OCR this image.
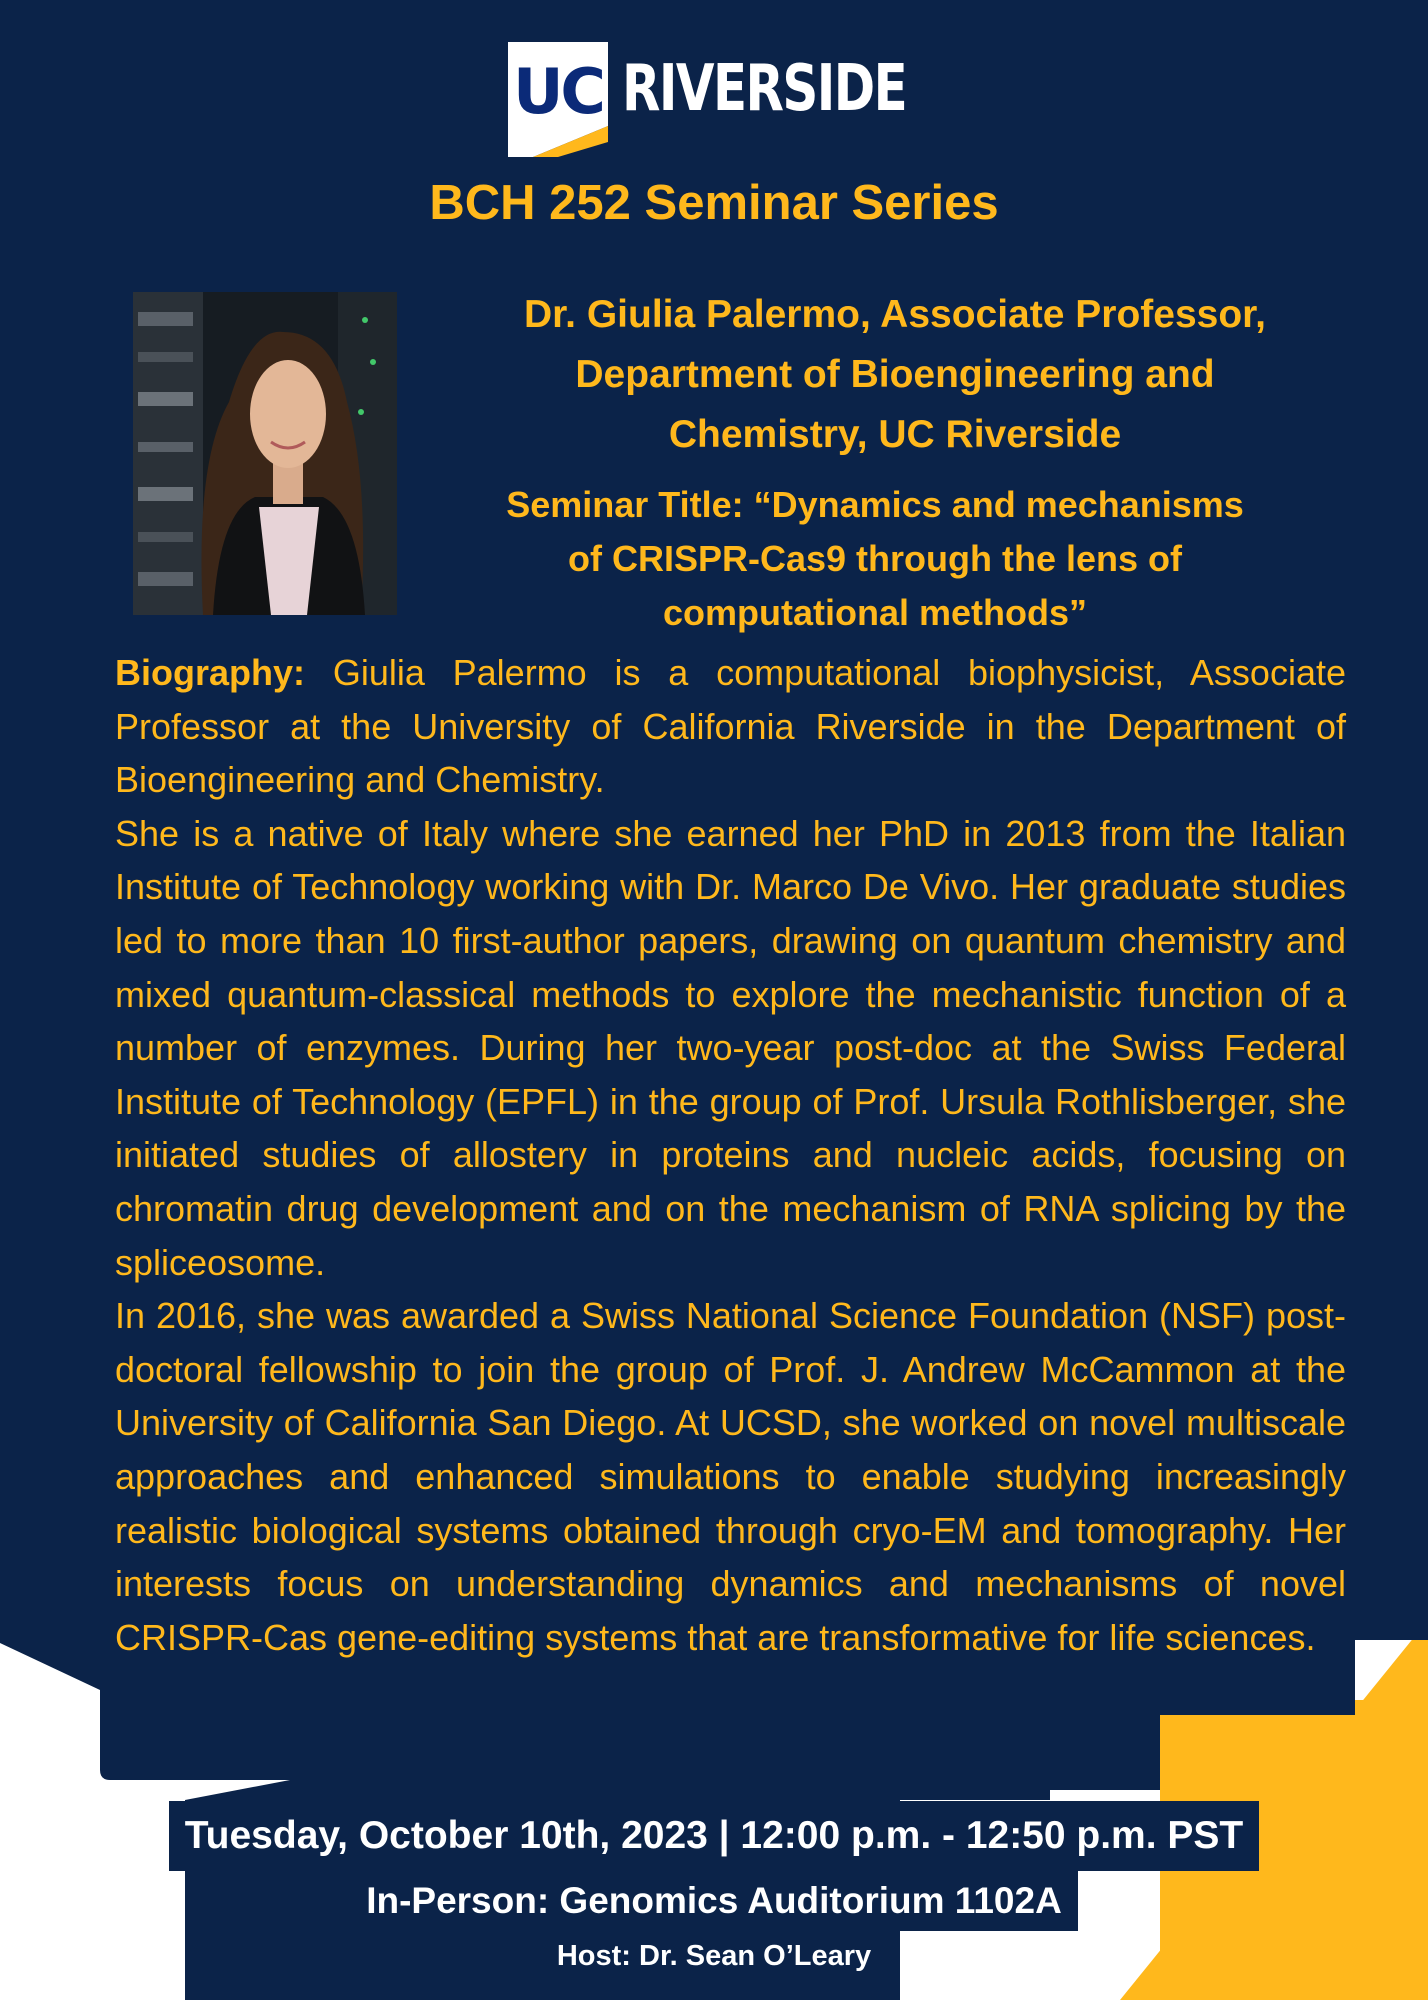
UC RIVERSIDE
BCH 252 Seminar Series
Dr. Giulia Palermo, Associate Professor,
Department of Bioengineering and
Chemistry, UC Riverside
Seminar Title: “Dynamics and mechanisms
of CRISPR-Cas9 through the lens of
computational methods”

Biography: Giulia Palermo is a computational biophysicist, Associate Professor at the University of California Riverside in the Department of Bioengineering and Chemistry.

She is a native of Italy where she earned her PhD in 2013 from the Italian Institute of Technology working with Dr. Marco De Vivo. Her graduate studies led to more than 10 first-author papers, drawing on quantum chemistry and mixed quantum-classical methods to explore the mechanistic function of a number of enzymes. During her two-year post-doc at the Swiss Federal Institute of Technology (EPFL) in the group of Prof. Ursula Rothlisberger, she initiated studies of allostery in proteins and nucleic acids, focusing on chromatin drug development and on the mechanism of RNA splicing by the spliceosome.

In 2016, she was awarded a Swiss National Science Foundation (NSF) post-doctoral fellowship to join the group of Prof. J. Andrew McCammon at the University of California San Diego. At UCSD, she worked on novel multiscale approaches and enhanced simulations to enable studying increasingly realistic biological systems obtained through cryo-EM and tomography. Her interests focus on understanding dynamics and mechanisms of novel CRISPR-Cas gene-editing systems that are transformative for life sciences.

Tuesday, October 10th, 2023 | 12:00 p.m. - 12:50 p.m. PST
In-Person: Genomics Auditorium 1102A
Host: Dr. Sean O’Leary
